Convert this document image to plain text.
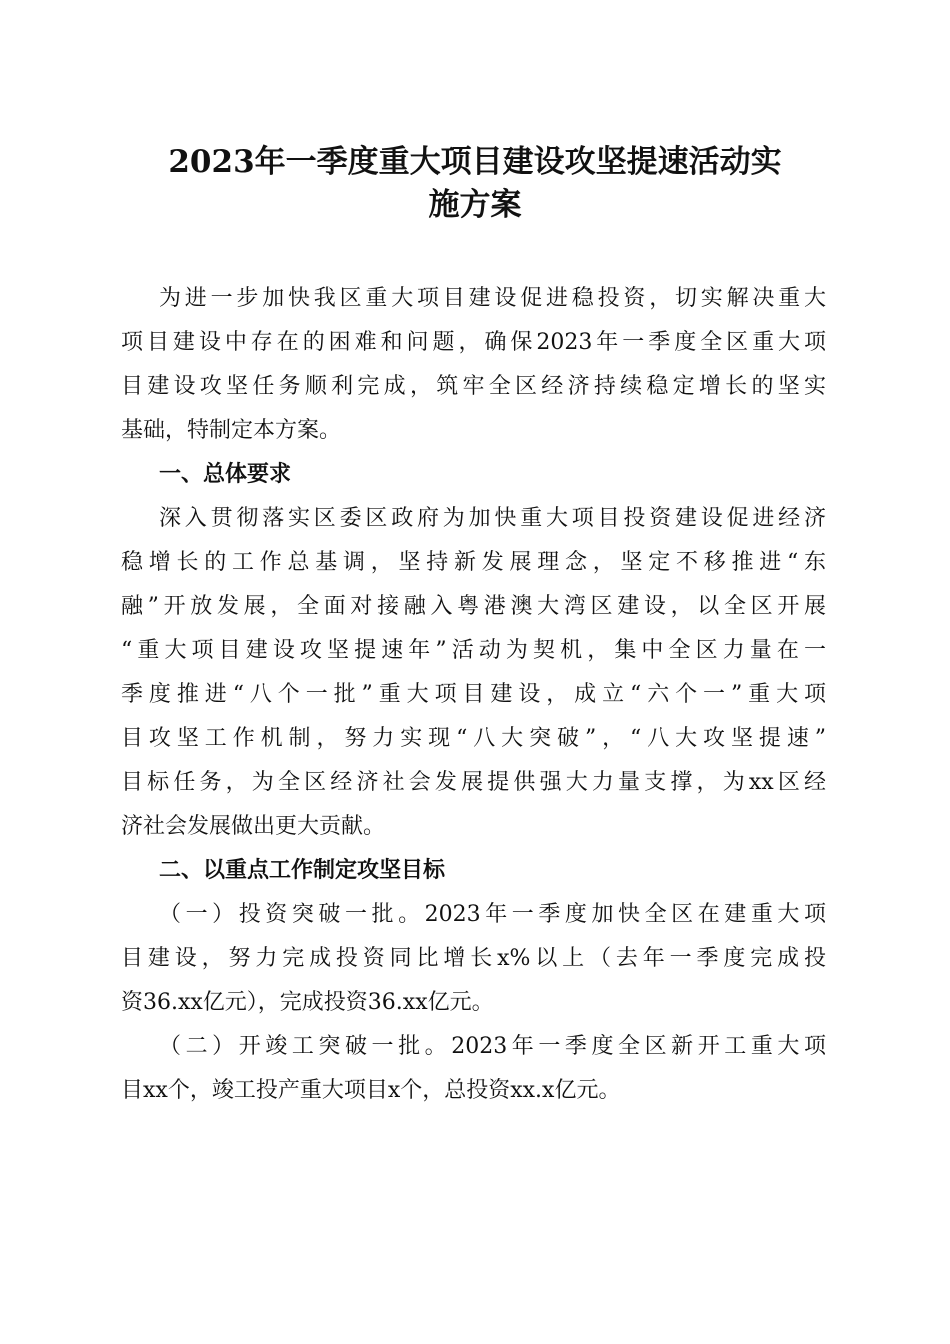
2023年一季度重大项目建设攻坚提速活动实
施方案
为进一步加快我区重大项目建设促进稳投资，切实解决重大
项目建设中存在的困难和问题，确保2023年一季度全区重大项
目建设攻坚任务顺利完成，筑牢全区经济持续稳定增长的坚实
基础，特制定本方案。
一、总体要求
深入贯彻落实区委区政府为加快重大项目投资建设促进经济
稳增长的工作总基调，坚持新发展理念，坚定不移推进“东
融”开放发展，全面对接融入粤港澳大湾区建设，以全区开展
“重大项目建设攻坚提速年”活动为契机，集中全区力量在一
季度推进“八个一批”重大项目建设，成立“六个一”重大项
目攻坚工作机制，努力实现“八大突破”，“八大攻坚提速”
目标任务，为全区经济社会发展提供强大力量支撑，为xx区经
济社会发展做出更大贡献。
二、以重点工作制定攻坚目标
（一）投资突破一批。2023年一季度加快全区在建重大项
目建设，努力完成投资同比增长x%以上（去年一季度完成投
资36.xx亿元），完成投资36.xx亿元。
（二）开竣工突破一批。2023年一季度全区新开工重大项
目xx个，竣工投产重大项目x个，总投资xx.x亿元。
